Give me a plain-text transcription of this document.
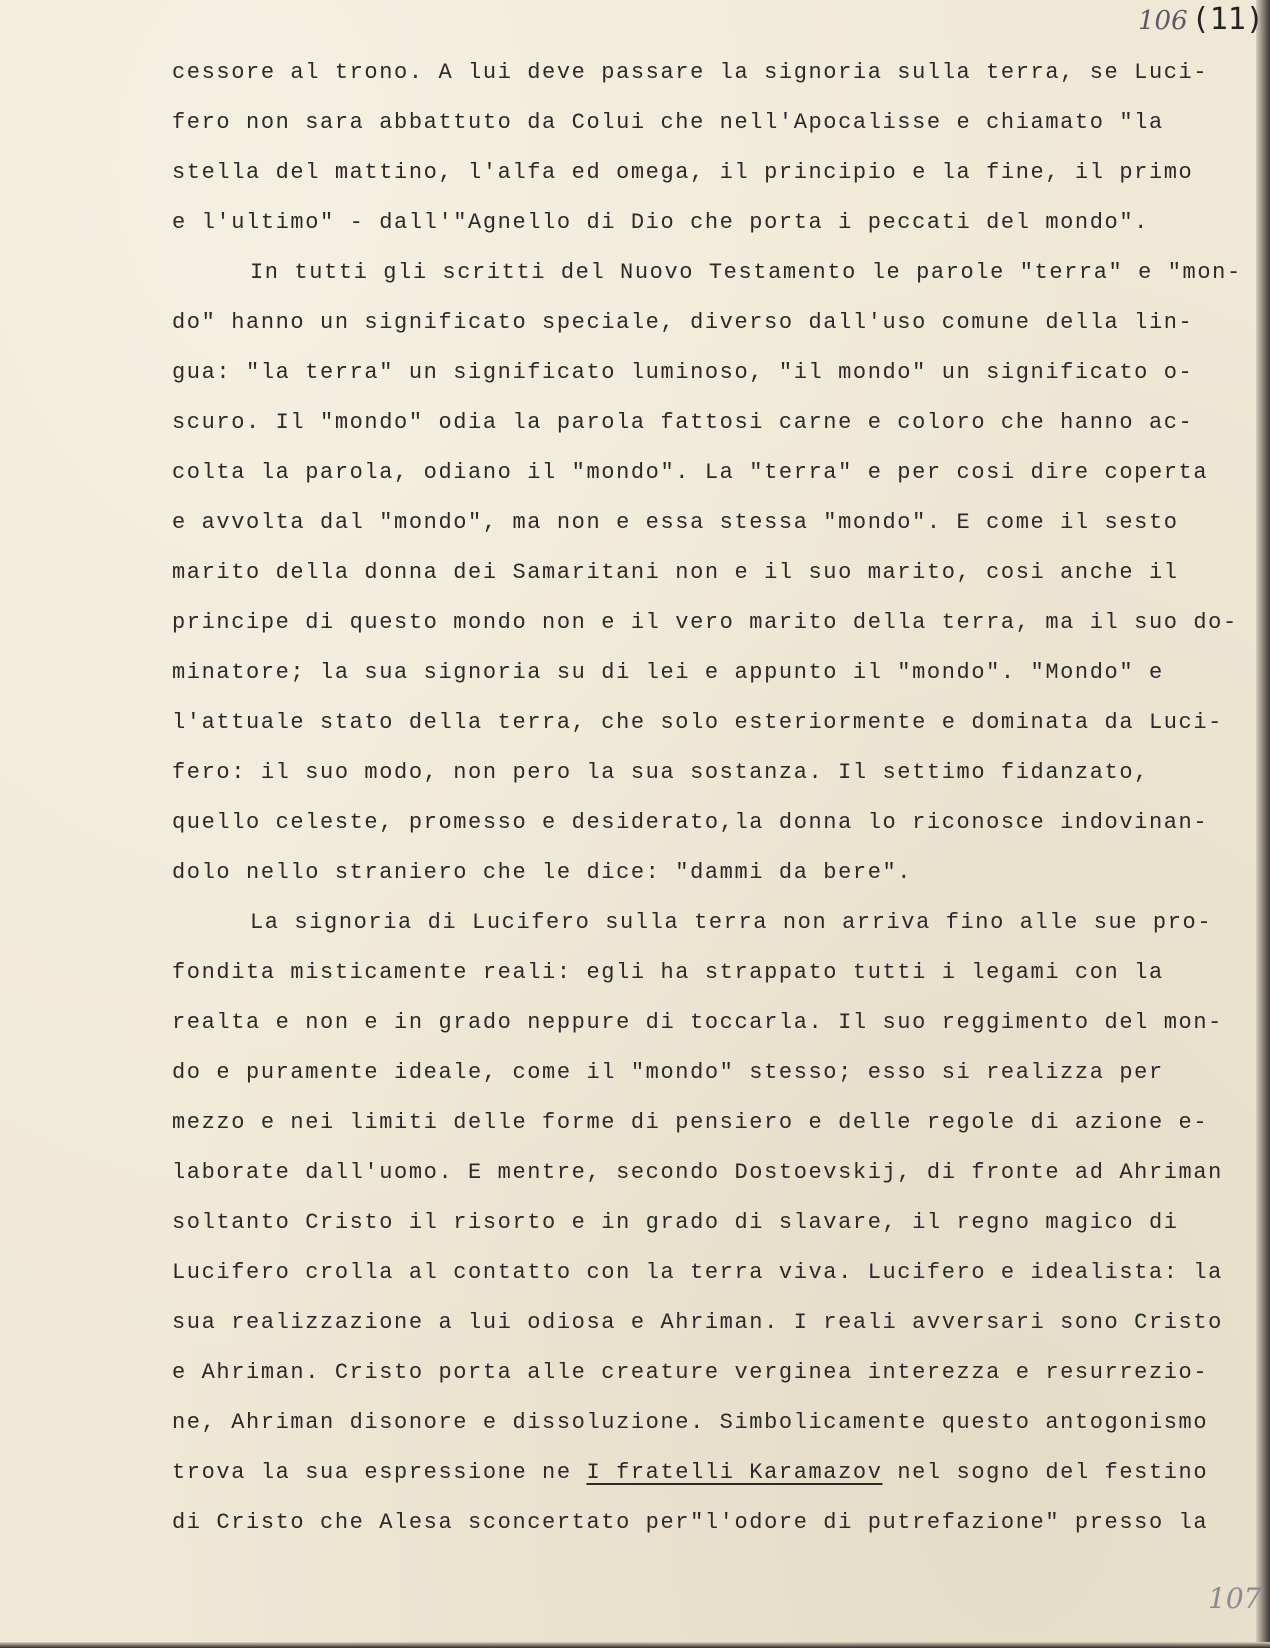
106 (11)
cessore al trono. A lui deve passare la signoria sulla terra, se Luci-
fero non sara abbattuto da Colui che nell'Apocalisse e chiamato "la
stella del mattino, l'alfa ed omega, il principio e la fine, il primo
e l'ultimo" - dall'"Agnello di Dio che porta i peccati del mondo".
In tutti gli scritti del Nuovo Testamento le parole "terra" e "mon-
do" hanno un significato speciale, diverso dall'uso comune della lin-
gua: "la terra" un significato luminoso, "il mondo" un significato o-
scuro. Il "mondo" odia la parola fattosi carne e coloro che hanno ac-
colta la parola, odiano il "mondo". La "terra" e per cosi dire coperta
e avvolta dal "mondo", ma non e essa stessa "mondo". E come il sesto
marito della donna dei Samaritani non e il suo marito, cosi anche il
principe di questo mondo non e il vero marito della terra, ma il suo do-
minatore; la sua signoria su di lei e appunto il "mondo". "Mondo" e
l'attuale stato della terra, che solo esteriormente e dominata da Luci-
fero: il suo modo, non pero la sua sostanza. Il settimo fidanzato,
quello celeste, promesso e desiderato,la donna lo riconosce indovinan-
dolo nello straniero che le dice: "dammi da bere".
La signoria di Lucifero sulla terra non arriva fino alle sue pro-
fondita misticamente reali: egli ha strappato tutti i legami con la
realta e non e in grado neppure di toccarla. Il suo reggimento del mon-
do e puramente ideale, come il "mondo" stesso; esso si realizza per
mezzo e nei limiti delle forme di pensiero e delle regole di azione e-
laborate dall'uomo. E mentre, secondo Dostoevskij, di fronte ad Ahriman
soltanto Cristo il risorto e in grado di slavare, il regno magico di
Lucifero crolla al contatto con la terra viva. Lucifero e idealista: la
sua realizzazione a lui odiosa e Ahriman. I reali avversari sono Cristo
e Ahriman. Cristo porta alle creature verginea interezza e resurrezio-
ne, Ahriman disonore e dissoluzione. Simbolicamente questo antogonismo
trova la sua espressione ne I fratelli Karamazov nel sogno del festino
di Cristo che Alesa sconcertato per"l'odore di putrefazione" presso la
107
